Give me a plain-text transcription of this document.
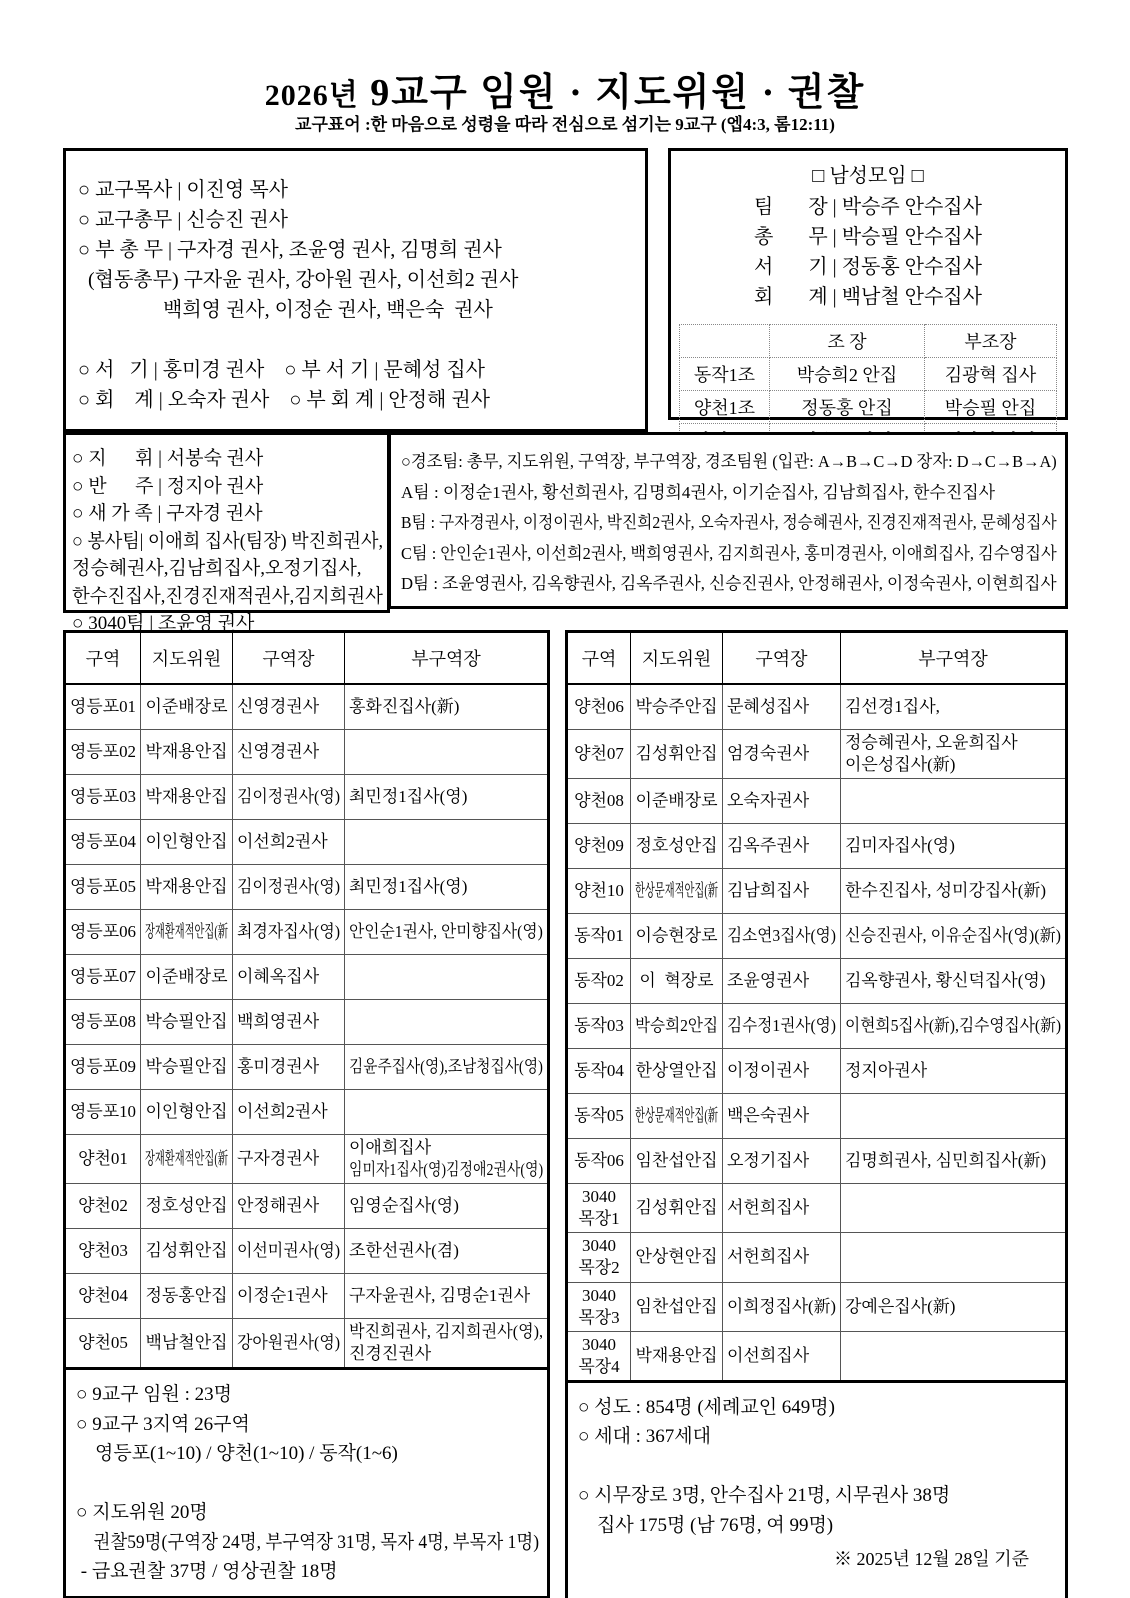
2026년 9교구 임원 · 지도위원 · 권찰
교구표어 :한 마음으로 성령을 따라 전심으로 섬기는 9교구 (엡4:3, 롬12:11)
○ 교구목사 | 이진영 목사
○ 교구총무 | 신승진 권사
○ 부 총 무 | 구자경 권사, 조윤영 권사, 김명희 권사
(협동총무) 구자윤 권사, 강아원 권사, 이선희2 권사
백희영 권사, 이정순 권사, 백은숙  권사
○ 서   기 | 홍미경 권사    ○ 부 서 기 | 문혜성 집사
○ 회    계 | 오숙자 권사    ○ 부 회 계 | 안정해 권사
□ 남성모임 □
팀       장 | 박승주 안수집사
총       무 | 박승필 안수집사
서       기 | 정동홍 안수집사
회       계 | 백남철 안수집사
	조 장	부조장

동작1조	박승희2 안집	김광혁 집사

양천1조	정동홍 안집	박승필 안집

○ 지      휘 | 서봉숙 권사
○ 반      주 | 정지아 권사
○ 새 가 족 | 구자경 권사
○ 봉사팀| 이애희 집사(팀장) 박진희권사,
정승혜권사,김남희집사,오정기집사,
한수진집사,진경진재적권사,김지희권사
○ 3040팀 | 조윤영 권사
○경조팀: 총무, 지도위원, 구역장, 부구역장, 경조팀원 (입관: A→B→C→D 장자: D→C→B→A)
A팀 : 이정순1권사, 황선희권사, 김명희4권사, 이기순집사, 김남희집사, 한수진집사
B팀 : 구자경권사, 이정이권사, 박진희2권사, 오숙자권사, 정승혜권사, 진경진재적권사, 문혜성집사
C팀 : 안인순1권사, 이선희2권사, 백희영권사, 김지희권사, 홍미경권사, 이애희집사, 김수영집사
D팀 : 조윤영권사, 김옥향권사, 김옥주권사, 신승진권사, 안정해권사, 이정숙권사, 이현희집사
구역	지도위원	구역장	부구역장

영등포01	이준배장로	신영경권사	홍화진집사(新)

영등포02	박재용안집	신영경권사	

영등포03	박재용안집	김이정권사(영)	최민정1집사(영)

영등포04	이인형안집	이선희2권사	

영등포05	박재용안집	김이정권사(영)	최민정1집사(영)

영등포06	장재환재적안집(新	최경자집사(영)	안인순1권사, 안미향집사(영)

영등포07	이준배장로	이혜옥집사	

영등포08	박승필안집	백희영권사	

영등포09	박승필안집	홍미경권사	김윤주집사(영),조남청집사(영)

영등포10	이인형안집	이선희2권사	

양천01	장재환재적안집(新	구자경권사	이애희집사
임미자1집사(영)김정애2권사(영)

양천02	정호성안집	안정해권사	임영순집사(영)

양천03	김성휘안집	이선미권사(영)	조한선권사(겸)

양천04	정동홍안집	이정순1권사	구자윤권사, 김명순1권사

양천05	백남철안집	강아원권사(영)	박진희권사, 김지희권사(영),
진경진권사
○ 9교구 임원 : 23명
○ 9교구 3지역 26구역
영등포(1~10) / 양천(1~10) / 동작(1~6)
○ 지도위원 20명
권찰59명(구역장 24명, 부구역장 31명, 목자 4명, 부목자 1명)
- 금요권찰 37명 / 영상권찰 18명
구역	지도위원	구역장	부구역장

양천06	박승주안집	문혜성집사	김선경1집사,

양천07	김성휘안집	엄경숙권사	정승혜권사, 오윤희집사
이은성집사(新)

양천08	이준배장로	오숙자권사	

양천09	정호성안집	김옥주권사	김미자집사(영)

양천10	한상문재적안집(新	김남희집사	한수진집사, 성미강집사(新)

동작01	이승현장로	김소연3집사(영)	신승진권사, 이유순집사(영)(新)

동작02	이  혁장로	조윤영권사	김옥향권사, 황신덕집사(영)

동작03	박승희2안집	김수정1권사(영)	이현희5집사(新),김수영집사(新)

동작04	한상열안집	이정이권사	정지아권사

동작05	한상문재적안집(新	백은숙권사	

동작06	임찬섭안집	오정기집사	김명희권사, 심민희집사(新)

3040
목장1	김성휘안집	서헌희집사	

3040
목장2	안상현안집	서헌희집사	

3040
목장3	임찬섭안집	이희정집사(新)	강예은집사(新)

3040
목장4	박재용안집	이선희집사	

○ 성도 : 854명 (세례교인 649명)
○ 세대 : 367세대
○ 시무장로 3명, 안수집사 21명, 시무권사 38명
집사 175명 (남 76명, 여 99명)
※ 2025년 12월 28일 기준
